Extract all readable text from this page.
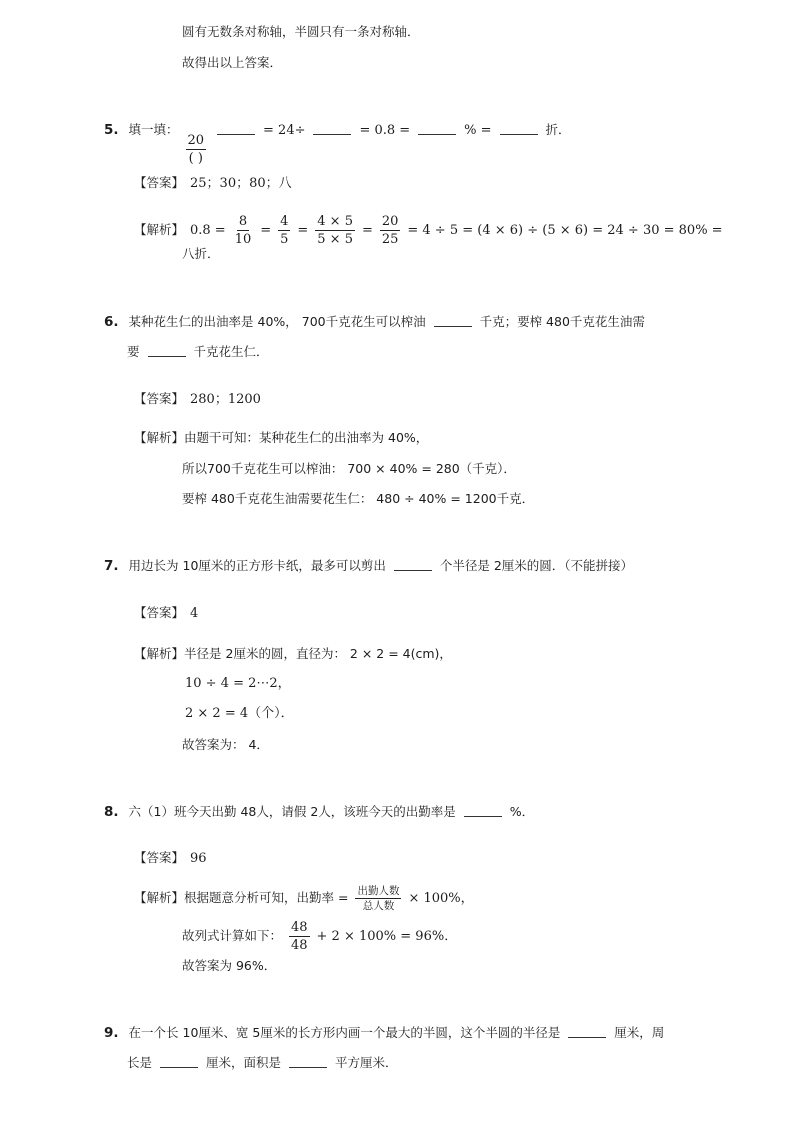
圆有无数条对称轴，半圆只有一条对称轴．
故得出以上答案．
5. 填一填：
$\frac{20}{( )}$
= 24÷	= 0.8 =	% =	折．
【答案】 25；30；80；八
【解析】 $0.8 = \frac{8}{10} = \frac{4}{5} = \frac{4 \times 5}{5 \times 5} = \frac{20}{25} = 4 \div 5 = (4 \times 6) \div (5 \times 6) = 24 \div 30 = 80\%$ =
八折．
6. 某种花生仁的出油率是 40%， 700千克花生可以榨油	千克；要榨 480千克花生油需
要	千克花生仁．
【答案】 280；1200
【解析】由题干可知：某种花生仁的出油率为 40%，
所以700千克花生可以榨油： 700 × 40% = 280（千克）．
要榨 480千克花生油需要花生仁： 480 ÷ 40% = 1200千克．
7. 用边长为 10厘米的正方形卡纸，最多可以剪出	个半径是 2厘米的圆．（不能拼接）
【答案】 4
【解析】半径是 2厘米的圆，直径为： 2 × 2 = 4(cm)，
10 ÷ 4 = 2⋯2，
2 × 2 = 4（个）．
故答案为： 4．
8. 六（1）班今天出勤 48人，请假 2人，该班今天的出勤率是	%．
【答案】 96
【解析】根据题意分析可知，出勤率 = $\frac{\text{出勤人数}}{\text{总人数}} \times 100\%$，
故列式计算如下： $\frac{48}{48} + 2 \times 100\% = 96\%$．
故答案为 96%．
9. 在一个长 10厘米、宽 5厘米的长方形内画一个最大的半圆，这个半圆的半径是	厘米，周
长是	厘米，面积是	平方厘米．
